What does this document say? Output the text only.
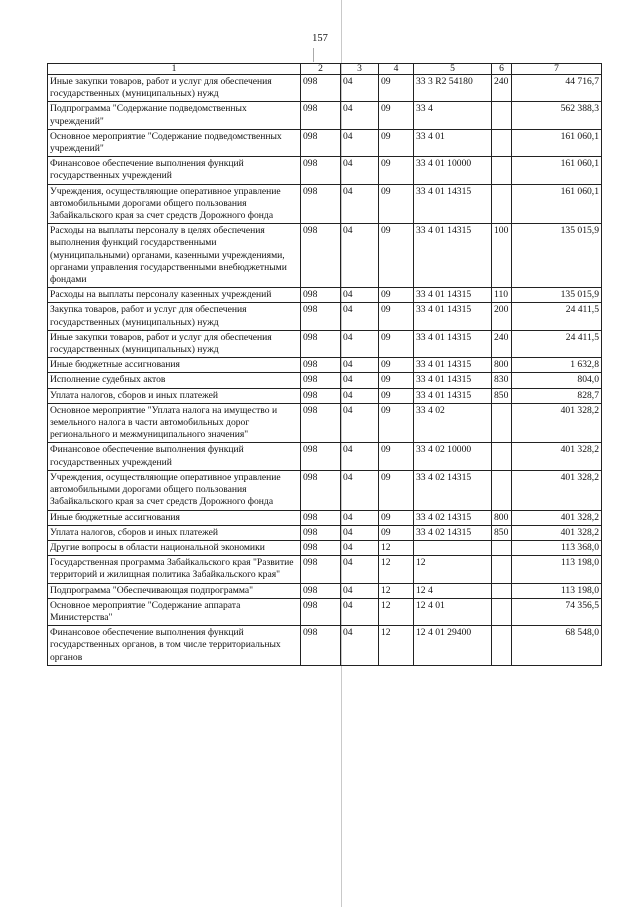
157
1	2	3	4	5	6	7
Иные закупки товаров, работ и услуг для обеспечения государственных (муниципальных) нужд	098	04	09	33 3 R2 54180	240	44 716,7
Подпрограмма "Содержание подведомственных учреждений"	098	04	09	33 4		562 388,3
Основное мероприятие "Содержание подведомственных учреждений"	098	04	09	33 4 01		161 060,1
Финансовое обеспечение выполнения функций государственных учреждений	098	04	09	33 4 01 10000		161 060,1
Учреждения, осуществляющие оперативное управление автомобильными дорогами общего пользования Забайкальского края за счет средств Дорожного фонда	098	04	09	33 4 01 14315		161 060,1
Расходы на выплаты персоналу в целях обеспечения выполнения функций государственными (муниципальными) органами, казенными учреждениями, органами управления государственными внебюджетными фондами	098	04	09	33 4 01 14315	100	135 015,9
Расходы на выплаты персоналу казенных учреждений	098	04	09	33 4 01 14315	110	135 015,9
Закупка товаров, работ и услуг для обеспечения государственных (муниципальных) нужд	098	04	09	33 4 01 14315	200	24 411,5
Иные закупки товаров, работ и услуг для обеспечения государственных (муниципальных) нужд	098	04	09	33 4 01 14315	240	24 411,5
Иные бюджетные ассигнования	098	04	09	33 4 01 14315	800	1 632,8
Исполнение судебных актов	098	04	09	33 4 01 14315	830	804,0
Уплата налогов, сборов и иных платежей	098	04	09	33 4 01 14315	850	828,7
Основное мероприятие "Уплата налога на имущество и земельного налога в части автомобильных дорог регионального и межмуниципального значения"	098	04	09	33 4 02		401 328,2
Финансовое обеспечение выполнения функций государственных учреждений	098	04	09	33 4 02 10000		401 328,2
Учреждения, осуществляющие оперативное управление автомобильными дорогами общего пользования Забайкальского края за счет средств Дорожного фонда	098	04	09	33 4 02 14315		401 328,2
Иные бюджетные ассигнования	098	04	09	33 4 02 14315	800	401 328,2
Уплата налогов, сборов и иных платежей	098	04	09	33 4 02 14315	850	401 328,2
Другие вопросы в области национальной экономики	098	04	12			113 368,0
Государственная программа Забайкальского края "Развитие территорий и жилищная политика Забайкальского края"	098	04	12	12		113 198,0
Подпрограмма "Обеспечивающая подпрограмма"	098	04	12	12 4		113 198,0
Основное мероприятие "Содержание аппарата Министерства"	098	04	12	12 4 01		74 356,5
Финансовое обеспечение выполнения функций государственных органов, в том числе территориальных органов	098	04	12	12 4 01 29400		68 548,0
